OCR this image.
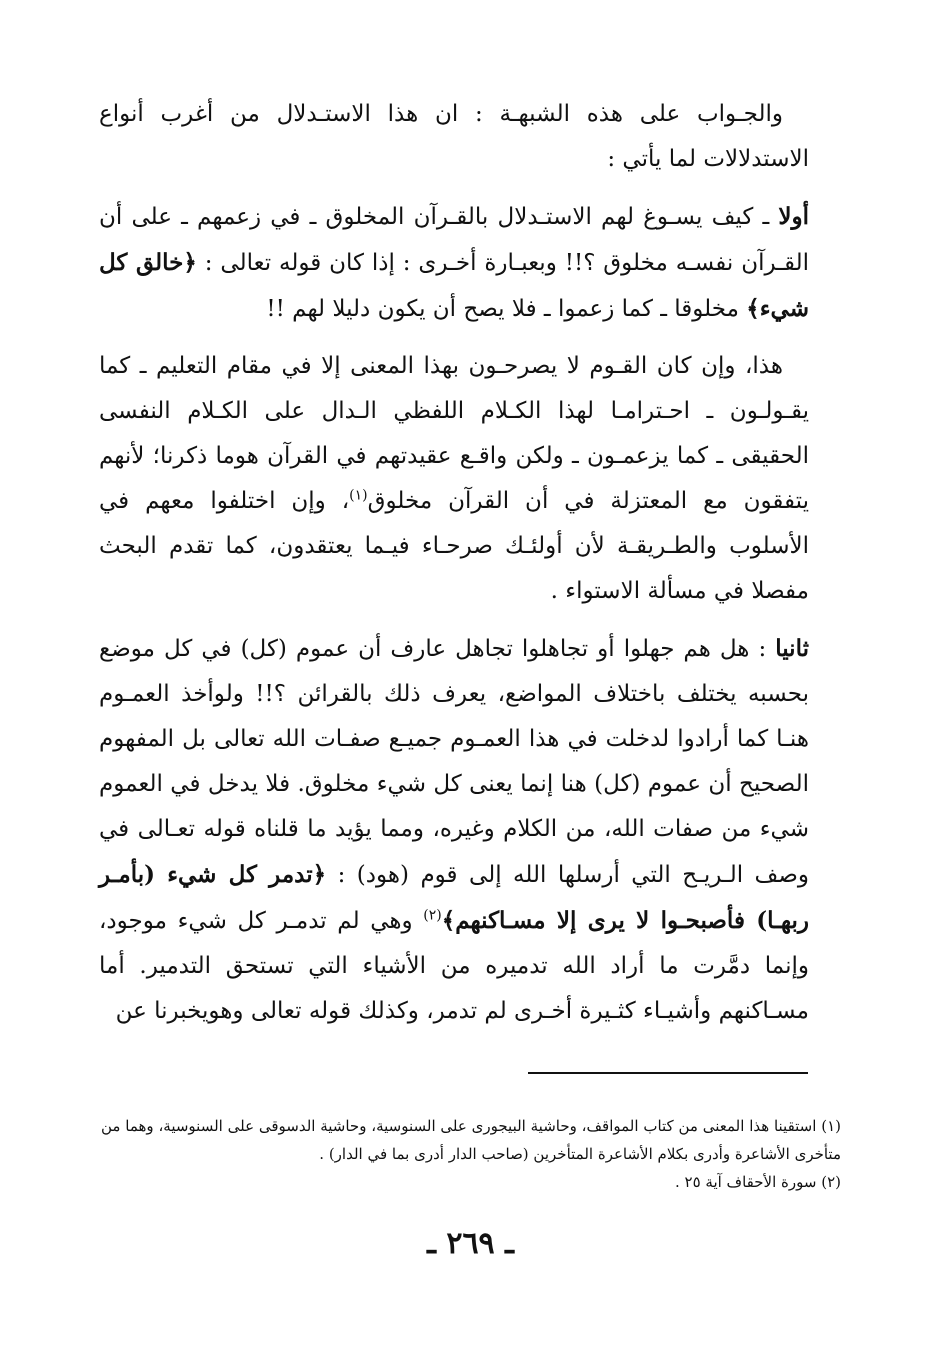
والجـواب على هذه الشبهـة : ان هذا الاستـدلال من أغرب أنواع الاستدلالات لما يأتي :

أولا ـ كيف يسـوغ لهم الاستـدلال بالقـرآن المخلوق ـ في زعمهم ـ على أن القـرآن نفسـه مخلوق ؟!! وبعبـارة أخـرى : إذا كان قوله تعالى : ﴿خالق كل شيء﴾ مخلوقا ـ كما زعموا ـ فلا يصح أن يكون دليلا لهم !!

هذا، وإن كان القـوم لا يصرحـون بهذا المعنى إلا في مقام التعليم ـ كما يقـولـون ـ احـترامـا لهذا الكـلام اللفظي الـدال على الكـلام النفسى الحقيقى ـ كما يزعمـون ـ ولكن واقـع عقيدتهم في القرآن هوما ذكرنا؛ لأنهم يتفقون مع المعتزلة في أن القرآن مخلوق$^{(١)}$، وإن اختلفوا معهم في الأسلوب والطـريقـة لأن أولئـك صرحـاء فيـما يعتقدون، كما تقدم البحث مفصلا في مسألة الاستواء .

ثانيا : هل هم جهلوا أو تجاهلوا تجاهل عارف أن عموم (كل) في كل موضع بحسبه يختلف باختلاف المواضع، يعرف ذلك بالقرائن ؟!! ولوأخذ العمـوم هنـا كما أرادوا لدخلت في هذا العمـوم جميـع صفـات الله تعالى بل المفهوم الصحيح أن عموم (كل) هنا إنما يعنى كل شيء مخلوق. فلا يدخل في العموم شيء من صفات الله، من الكلام وغيره، ومما يؤيد ما قلناه قوله تعـالى في وصف الـريـح التي أرسلها الله إلى قوم (هود) : ﴿تدمر كل شيء (بأمـر ربهـا) فأصبحـوا لا يرى إلا مسـاكنهم﴾$^{(٢)}$ وهي لم تدمـر كل شيء موجود، وإنما دمَّرت ما أراد الله تدميره من الأشياء التي تستحق التدمير. أما مسـاكنهم وأشيـاء كثـيرة أخـرى لم تدمر، وكذلك قوله تعالى وهويخبرنا عن

(١) استقينا هذا المعنى من كتاب المواقف، وحاشية البيجورى على السنوسية، وحاشية الدسوقى على السنوسية، وهما من متأخرى الأشاعرة وأدرى بكلام الأشاعرة المتأخرين (صاحب الدار أدرى بما في الدار) .

(٢) سورة الأحقاف آية ٢٥ .

ـ ٢٦٩ ـ
